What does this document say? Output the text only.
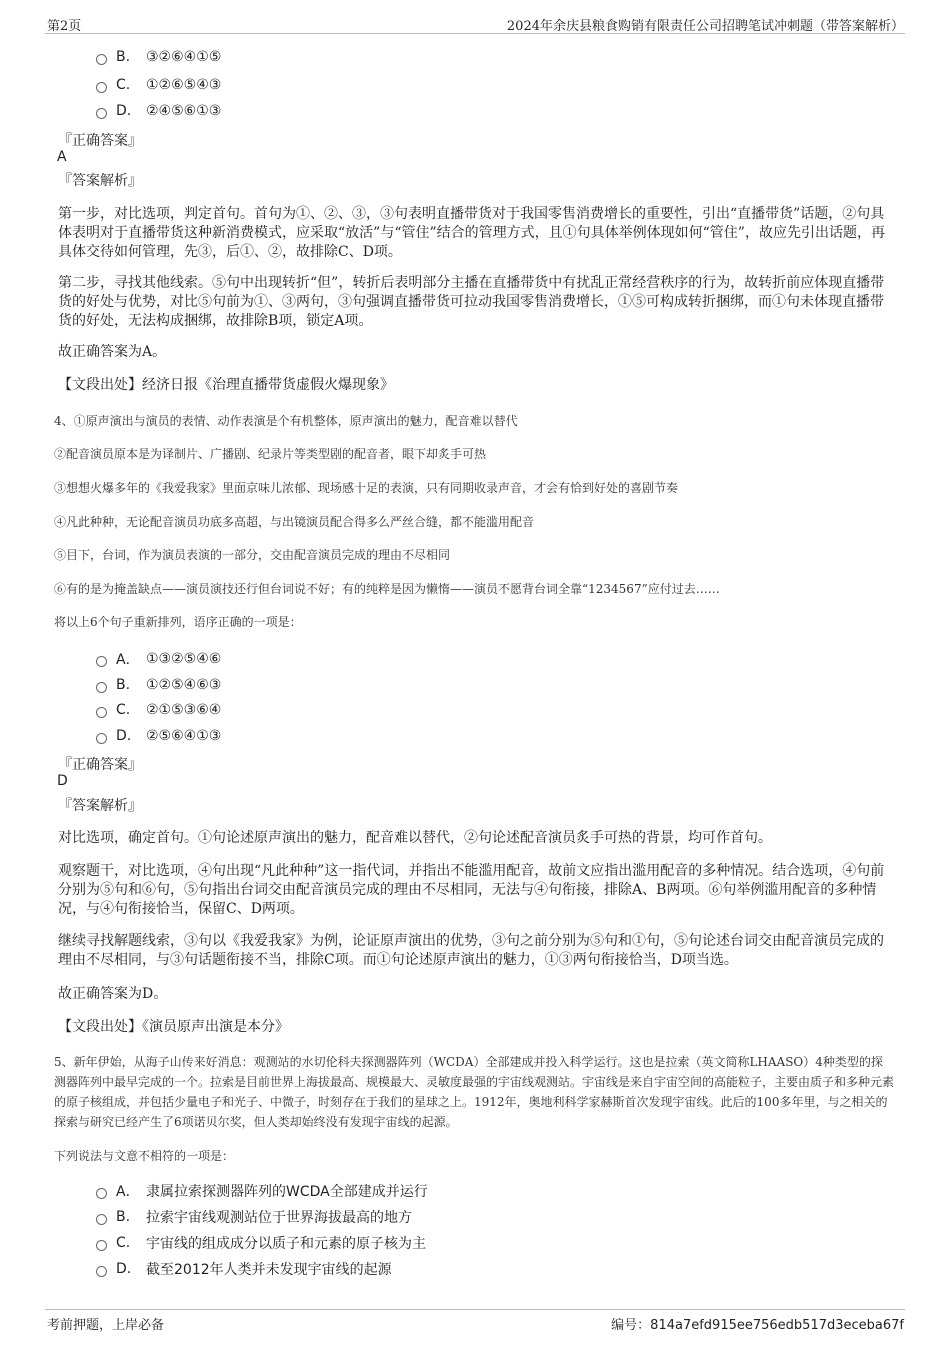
第2页	2024年余庆县粮食购销有限责任公司招聘笔试冲刺题（带答案解析）
B.	③②⑥④①⑤
C.	①②⑥⑤④③
D.	②④⑤⑥①③
『正确答案』
A
『答案解析』
第一步，对比选项，判定首句。首句为①、②、③，③句表明直播带货对于我国零售消费增长的重要性，引出“直播带货”话题，②句具体表明对于直播带货这种新消费模式，应采取“放活”与“管住”结合的管理方式，且①句具体举例体现如何“管住”，故应先引出话题，再具体交待如何管理，先③，后①、②，故排除C、D项。
第二步，寻找其他线索。⑤句中出现转折“但”，转折后表明部分主播在直播带货中有扰乱正常经营秩序的行为，故转折前应体现直播带货的好处与优势，对比⑤句前为①、③两句，③句强调直播带货可拉动我国零售消费增长，①⑤可构成转折捆绑，而①句未体现直播带货的好处，无法构成捆绑，故排除B项，锁定A项。
故正确答案为A。
【文段出处】经济日报《治理直播带货虚假火爆现象》
4、①原声演出与演员的表情、动作表演是个有机整体，原声演出的魅力，配音难以替代
②配音演员原本是为译制片、广播剧、纪录片等类型剧的配音者，眼下却炙手可热
③想想火爆多年的《我爱我家》里面京味儿浓郁、现场感十足的表演，只有同期收录声音，才会有恰到好处的喜剧节奏
④凡此种种，无论配音演员功底多高超，与出镜演员配合得多么严丝合缝，都不能滥用配音
⑤目下，台词，作为演员表演的一部分，交由配音演员完成的理由不尽相同
⑥有的是为掩盖缺点——演员演技还行但台词说不好；有的纯粹是因为懒惰——演员不愿背台词全靠“1234567”应付过去……
将以上6个句子重新排列，语序正确的一项是：
A． ①③②⑤④⑥
B.	①②⑤④⑥③
C.	②①⑤③⑥④
D.	②⑤⑥④①③
『正确答案』
D
『答案解析』
对比选项，确定首句。①句论述原声演出的魅力，配音难以替代，②句论述配音演员炙手可热的背景，均可作首句。
观察题干，对比选项，④句出现“凡此种种”这一指代词，并指出不能滥用配音，故前文应指出滥用配音的多种情况。结合选项，④句前分别为⑤句和⑥句，⑤句指出台词交由配音演员完成的理由不尽相同，无法与④句衔接，排除A、B两项。⑥句举例滥用配音的多种情况，与④句衔接恰当，保留C、D两项。
继续寻找解题线索，③句以《我爱我家》为例，论证原声演出的优势，③句之前分别为⑤句和①句，⑤句论述台词交由配音演员完成的理由不尽相同，与③句话题衔接不当，排除C项。而①句论述原声演出的魅力，①③两句衔接恰当，D项当选。
故正确答案为D。
【文段出处】《演员原声出演是本分》
5、新年伊始，从海子山传来好消息：观测站的水切伦科夫探测器阵列（WCDA）全部建成并投入科学运行。这也是拉索（英文简称LHAASO）4种类型的探测器阵列中最早完成的一个。拉索是目前世界上海拔最高、规模最大、灵敏度最强的宇宙线观测站。宇宙线是来自宇宙空间的高能粒子，主要由质子和多种元素的原子核组成，并包括少量电子和光子、中微子，时刻存在于我们的星球之上。1912年，奥地利科学家赫斯首次发现宇宙线。此后的100多年里，与之相关的探索与研究已经产生了6项诺贝尔奖，但人类却始终没有发现宇宙线的起源。
下列说法与文意不相符的一项是：
A． 隶属拉索探测器阵列的WCDA全部建成并运行
B.	拉索宇宙线观测站位于世界海拔最高的地方
C.	宇宙线的组成成分以质子和元素的原子核为主
D.	截至2012年人类并未发现宇宙线的起源
考前押题，上岸必备	编号：814a7efd915ee756edb517d3eceba67f
